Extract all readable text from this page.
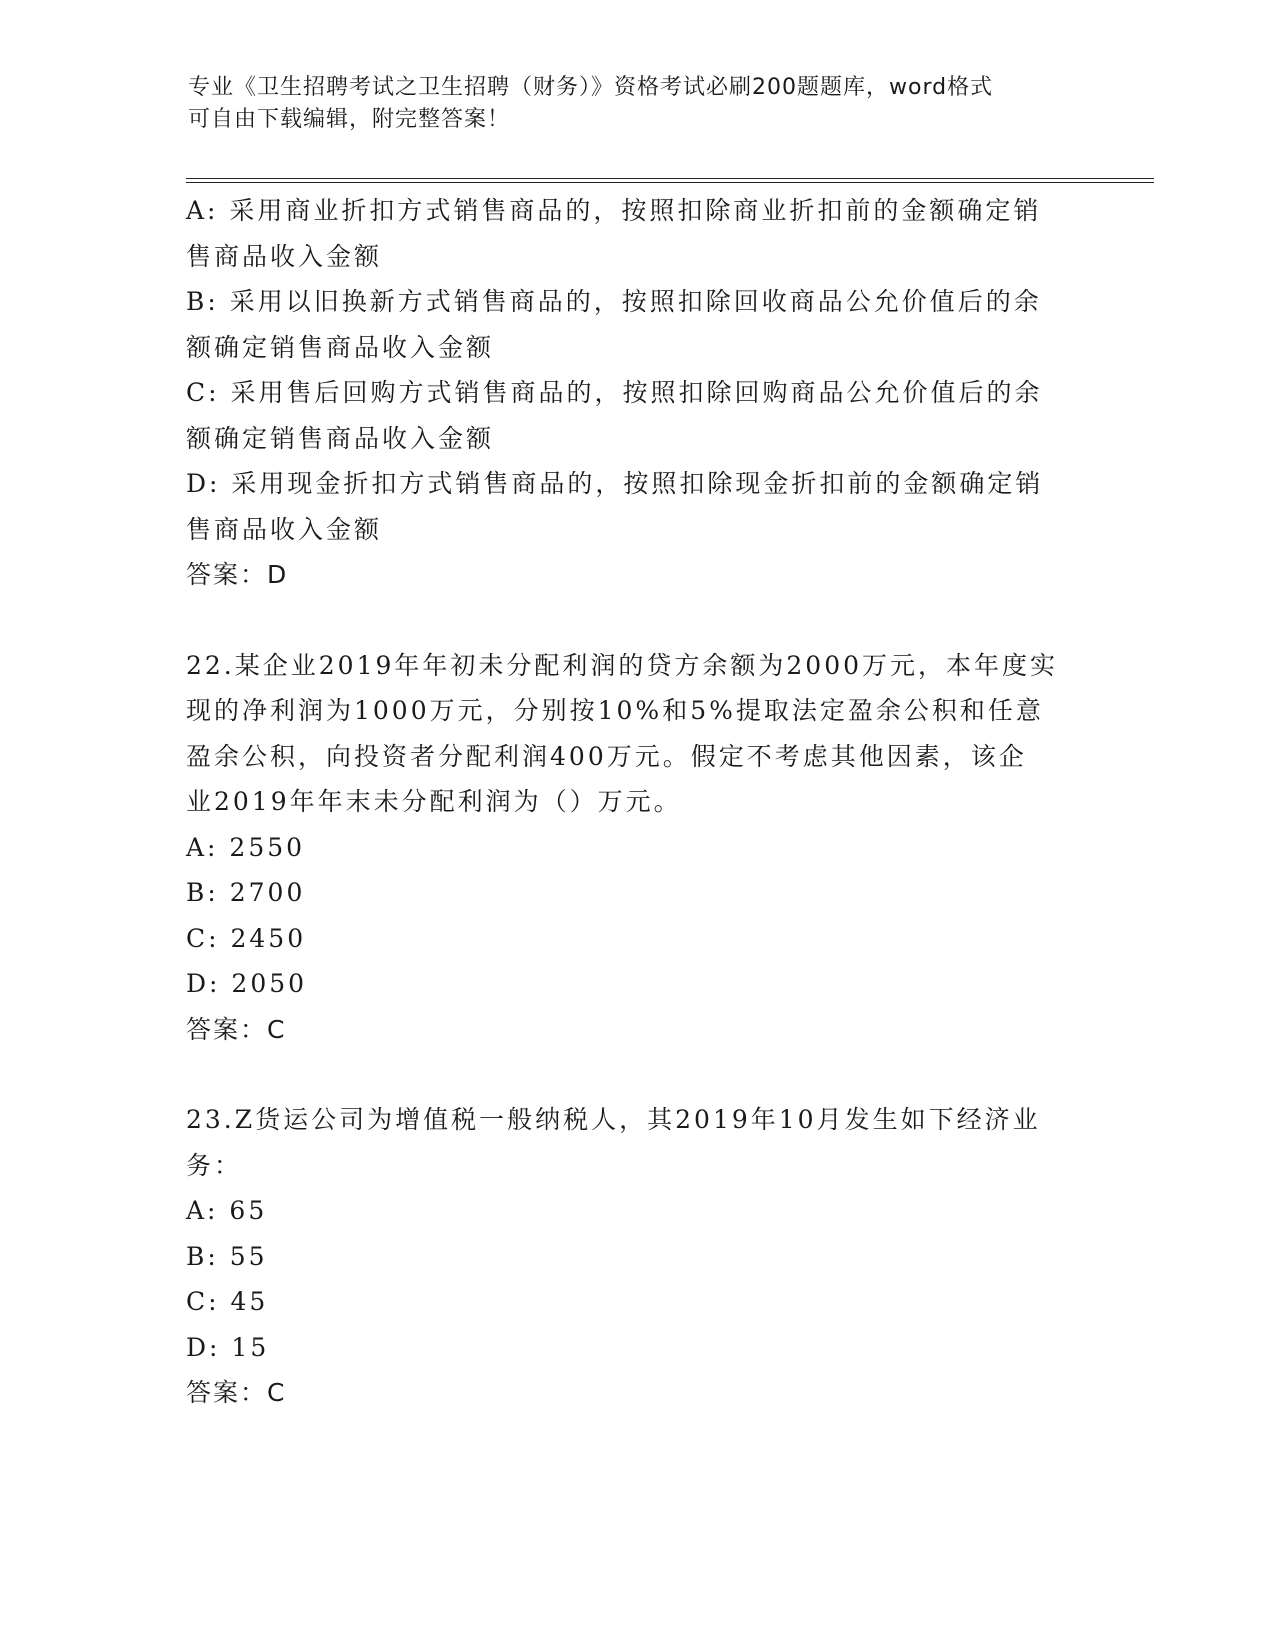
专业《卫生招聘考试之卫生招聘（财务）》资格考试必刷200题题库，word格式
可自由下载编辑，附完整答案！

A: 采用商业折扣方式销售商品的，按照扣除商业折扣前的金额确定销

售商品收入金额

B: 采用以旧换新方式销售商品的，按照扣除回收商品公允价值后的余

额确定销售商品收入金额

C: 采用售后回购方式销售商品的，按照扣除回购商品公允价值后的余

额确定销售商品收入金额

D: 采用现金折扣方式销售商品的，按照扣除现金折扣前的金额确定销

售商品收入金额

答案：D

22.某企业2019年年初未分配利润的贷方余额为2000万元，本年度实

现的净利润为1000万元，分别按10%和5%提取法定盈余公积和任意

盈余公积，向投资者分配利润400万元。假定不考虑其他因素，该企

业2019年年末未分配利润为（）万元。

A: 2550

B: 2700

C: 2450

D: 2050

答案：C

23.Z货运公司为增值税一般纳税人，其2019年10月发生如下经济业

务：

A: 65

B: 55

C: 45

D: 15

答案：C
